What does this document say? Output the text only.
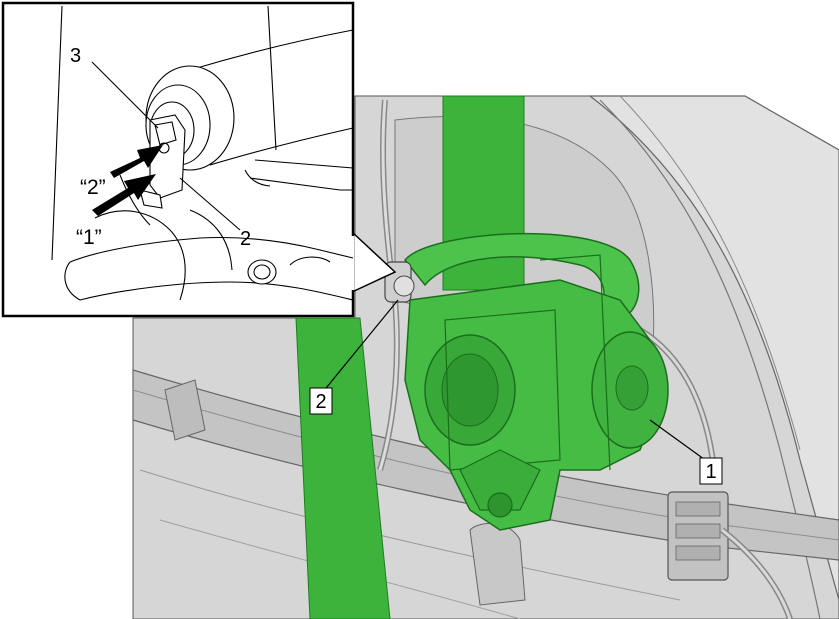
2
1
“2”
“1”
3
2
